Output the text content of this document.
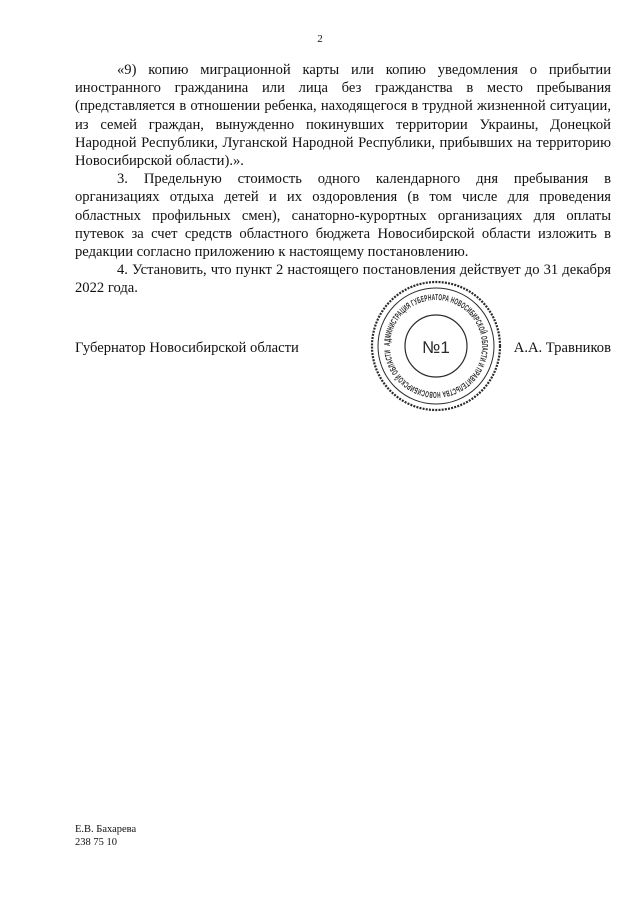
2

«9) копию миграционной карты или копию уведомления о прибытии иностранного гражданина или лица без гражданства в место пребывания (представляется в отношении ребенка, находящегося в трудной жизненной ситуации, из семей граждан, вынужденно покинувших территории Украины, Донецкой Народной Республики, Луганской Народной Республики, прибывших на территорию Новосибирской области).».

3. Предельную стоимость одного календарного дня пребывания в организациях отдыха детей и их оздоровления (в том числе для проведения областных профильных смен), санаторно-курортных организациях для оплаты путевок за счет средств областного бюджета Новосибирской области изложить в редакции согласно приложению к настоящему постановлению.

4. Установить, что пункт 2 настоящего постановления действует до 31 декабря 2022 года.

Губернатор Новосибирской области	А.А. Травников
АДМИНИСТРАЦИЯ ГУБЕРНАТОРА НОВОСИБИРСКОЙ ОБЛАСТИ И ПРАВИТЕЛЬСТВА НОВОСИБИРСКОЙ ОБЛАСТИ	№1
Е.В. Бахарева
238 75 10
